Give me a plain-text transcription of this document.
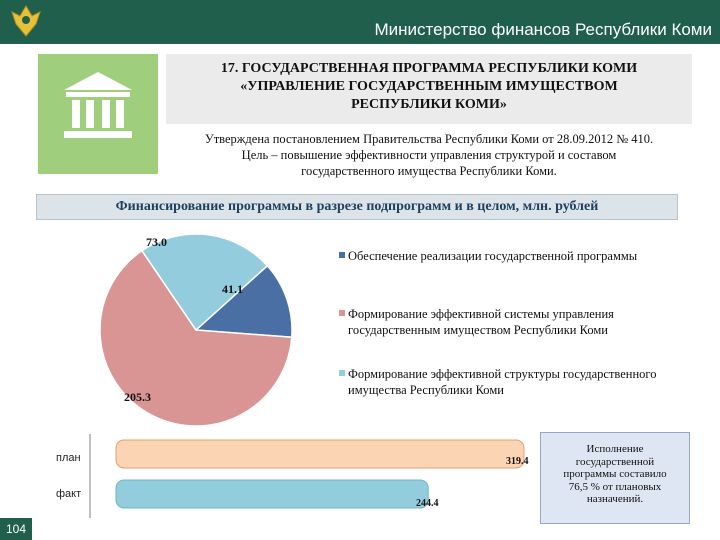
Министерство финансов Республики Коми
17. ГОСУДАРСТВЕННАЯ ПРОГРАММА РЕСПУБЛИКИ КОМИ
«УПРАВЛЕНИЕ ГОСУДАРСТВЕННЫМ ИМУЩЕСТВОМ
РЕСПУБЛИКИ КОМИ»
Утверждена постановлением Правительства Республики Коми от 28.09.2012 № 410.
Цель – повышение эффективности управления структурой и составом
государственного имущества Республики Коми.
Финансирование программы в разрезе подпрограмм и в целом, млн. рублей
73.0
41.1
205.3
Обеспечение реализации государственной программы
Формирование эффективной системы управления
государственным имуществом Республики Коми
Формирование эффективной структуры государственного
имущества Республики Коми
план
факт
319.4
244.4
Исполнение
государственной
программы составило
76,5 % от плановых
назначений.
104
